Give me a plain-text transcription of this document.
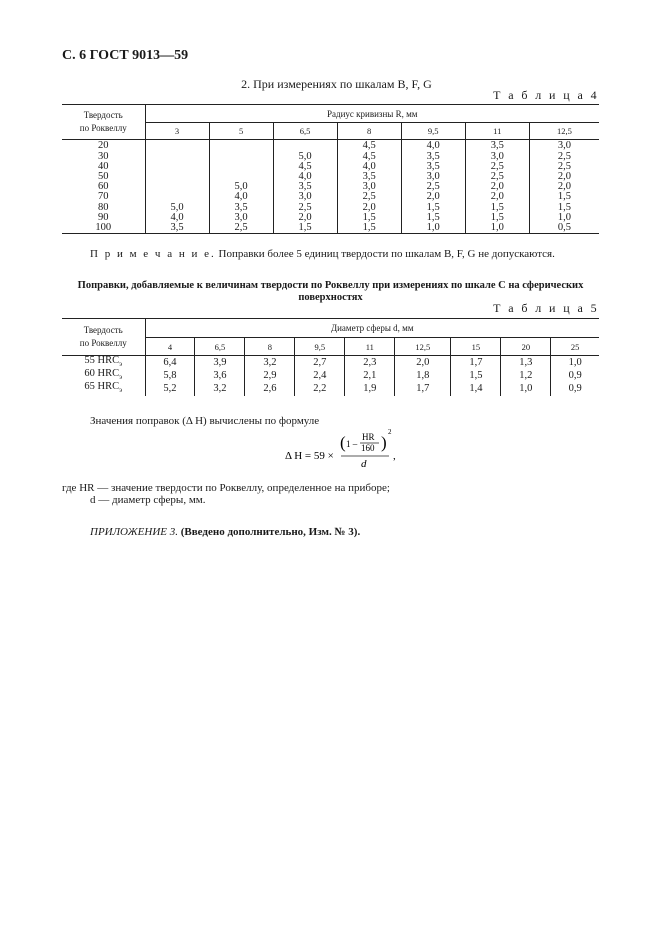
С. 6 ГОСТ 9013—59
2. При измерениях по шкалам B, F, G
Т а б л и ц а 4
Твердость
по Роквеллу	Радиус кривизны R, мм						
	3	5	6,5	8	9,5	11	12,5
20				4,5	4,0	3,5	3,0
30			5,0	4,5	3,5	3,0	2,5
40			4,5	4,0	3,5	2,5	2,5
50			4,0	3,5	3,0	2,5	2,0
60		5,0	3,5	3,0	2,5	2,0	2,0
70		4,0	3,0	2,5	2,0	2,0	1,5
80	5,0	3,5	2,5	2,0	1,5	1,5	1,5
90	4,0	3,0	2,0	1,5	1,5	1,5	1,0
100	3,5	2,5	1,5	1,5	1,0	1,0	0,5
П р и м е ч а н и е. Поправки более 5 единиц твердости по шкалам B, F, G не допускаются.
Поправки, добавляемые к величинам твердости по Роквеллу при измерениях по шкале С на сферических поверхностях
Т а б л и ц а 5
Твердость
по Роквеллу	Диаметр сферы d, мм								
	4	6,5	8	9,5	11	12,5	15	20	25
55 $HRC_э$	6,4	3,9	3,2	2,7	2,3	2,0	1,7	1,3	1,0
60 $HRC_э$	5,8	3,6	2,9	2,4	2,1	1,8	1,5	1,2	0,9
65 $HRC_э$	5,2	3,2	2,6	2,2	1,9	1,7	1,4	1,0	0,9
Значения поправок (Δ H) вычислены по формуле
Δ H = 59 ×
( 1 –
HR
160 )
2
d
,
где HR — значение твердости по Роквеллу, определенное на приборе;
d — диаметр сферы, мм.
ПРИЛОЖЕНИЕ 3. (Введено дополнительно, Изм. № 3).
